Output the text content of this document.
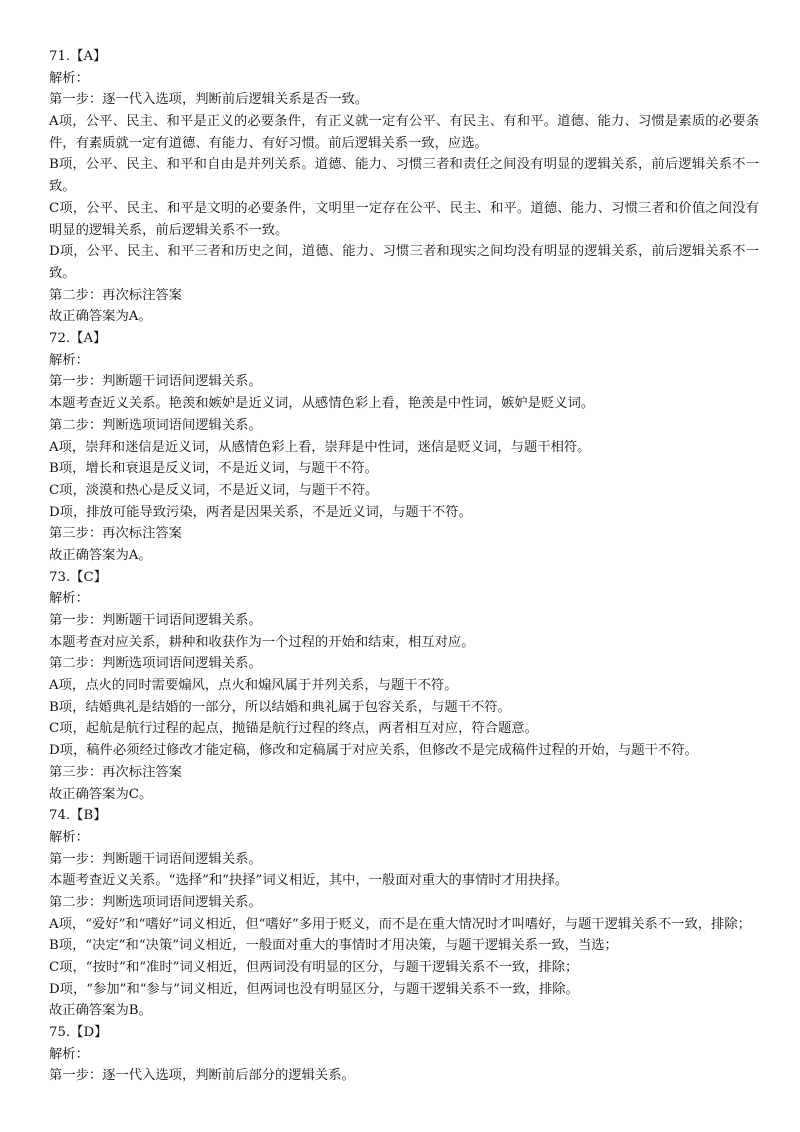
71.【A】
解析：
第一步：逐一代入选项，判断前后逻辑关系是否一致。
A项，公平、民主、和平是正义的必要条件，有正义就一定有公平、有民主、有和平。道德、能力、习惯是素质的必要条件，有素质就一定有道德、有能力、有好习惯。前后逻辑关系一致，应选。
B项，公平、民主、和平和自由是并列关系。道德、能力、习惯三者和责任之间没有明显的逻辑关系，前后逻辑关系不一致。
C项，公平、民主、和平是文明的必要条件，文明里一定存在公平、民主、和平。道德、能力、习惯三者和价值之间没有明显的逻辑关系，前后逻辑关系不一致。
D项，公平、民主、和平三者和历史之间，道德、能力、习惯三者和现实之间均没有明显的逻辑关系，前后逻辑关系不一致。
第二步：再次标注答案
故正确答案为A。
72.【A】
解析：
第一步：判断题干词语间逻辑关系。
本题考查近义关系。艳羡和嫉妒是近义词，从感情色彩上看，艳羡是中性词，嫉妒是贬义词。
第二步：判断选项词语间逻辑关系。
A项，崇拜和迷信是近义词，从感情色彩上看，崇拜是中性词，迷信是贬义词，与题干相符。
B项，增长和衰退是反义词，不是近义词，与题干不符。
C项，淡漠和热心是反义词，不是近义词，与题干不符。
D项，排放可能导致污染，两者是因果关系，不是近义词，与题干不符。
第三步：再次标注答案
故正确答案为A。
73.【C】
解析：
第一步：判断题干词语间逻辑关系。
本题考查对应关系，耕种和收获作为一个过程的开始和结束，相互对应。
第二步：判断选项词语间逻辑关系。
A项，点火的同时需要煽风，点火和煽风属于并列关系，与题干不符。
B项，结婚典礼是结婚的一部分，所以结婚和典礼属于包容关系，与题干不符。
C项，起航是航行过程的起点，抛锚是航行过程的终点，两者相互对应，符合题意。
D项，稿件必须经过修改才能定稿，修改和定稿属于对应关系，但修改不是完成稿件过程的开始，与题干不符。
第三步：再次标注答案
故正确答案为C。
74.【B】
解析：
第一步：判断题干词语间逻辑关系。
本题考查近义关系。“选择”和“抉择”词义相近，其中，一般面对重大的事情时才用抉择。
第二步：判断选项词语间逻辑关系。
A项，“爱好”和“嗜好”词义相近，但“嗜好”多用于贬义，而不是在重大情况时才叫嗜好，与题干逻辑关系不一致，排除；
B项，“决定”和“决策”词义相近，一般面对重大的事情时才用决策，与题干逻辑关系一致，当选；
C项，“按时”和“准时”词义相近，但两词没有明显的区分，与题干逻辑关系不一致，排除；
D项，“参加”和“参与”词义相近，但两词也没有明显区分，与题干逻辑关系不一致，排除。
故正确答案为B。
75.【D】
解析：
第一步：逐一代入选项，判断前后部分的逻辑关系。
